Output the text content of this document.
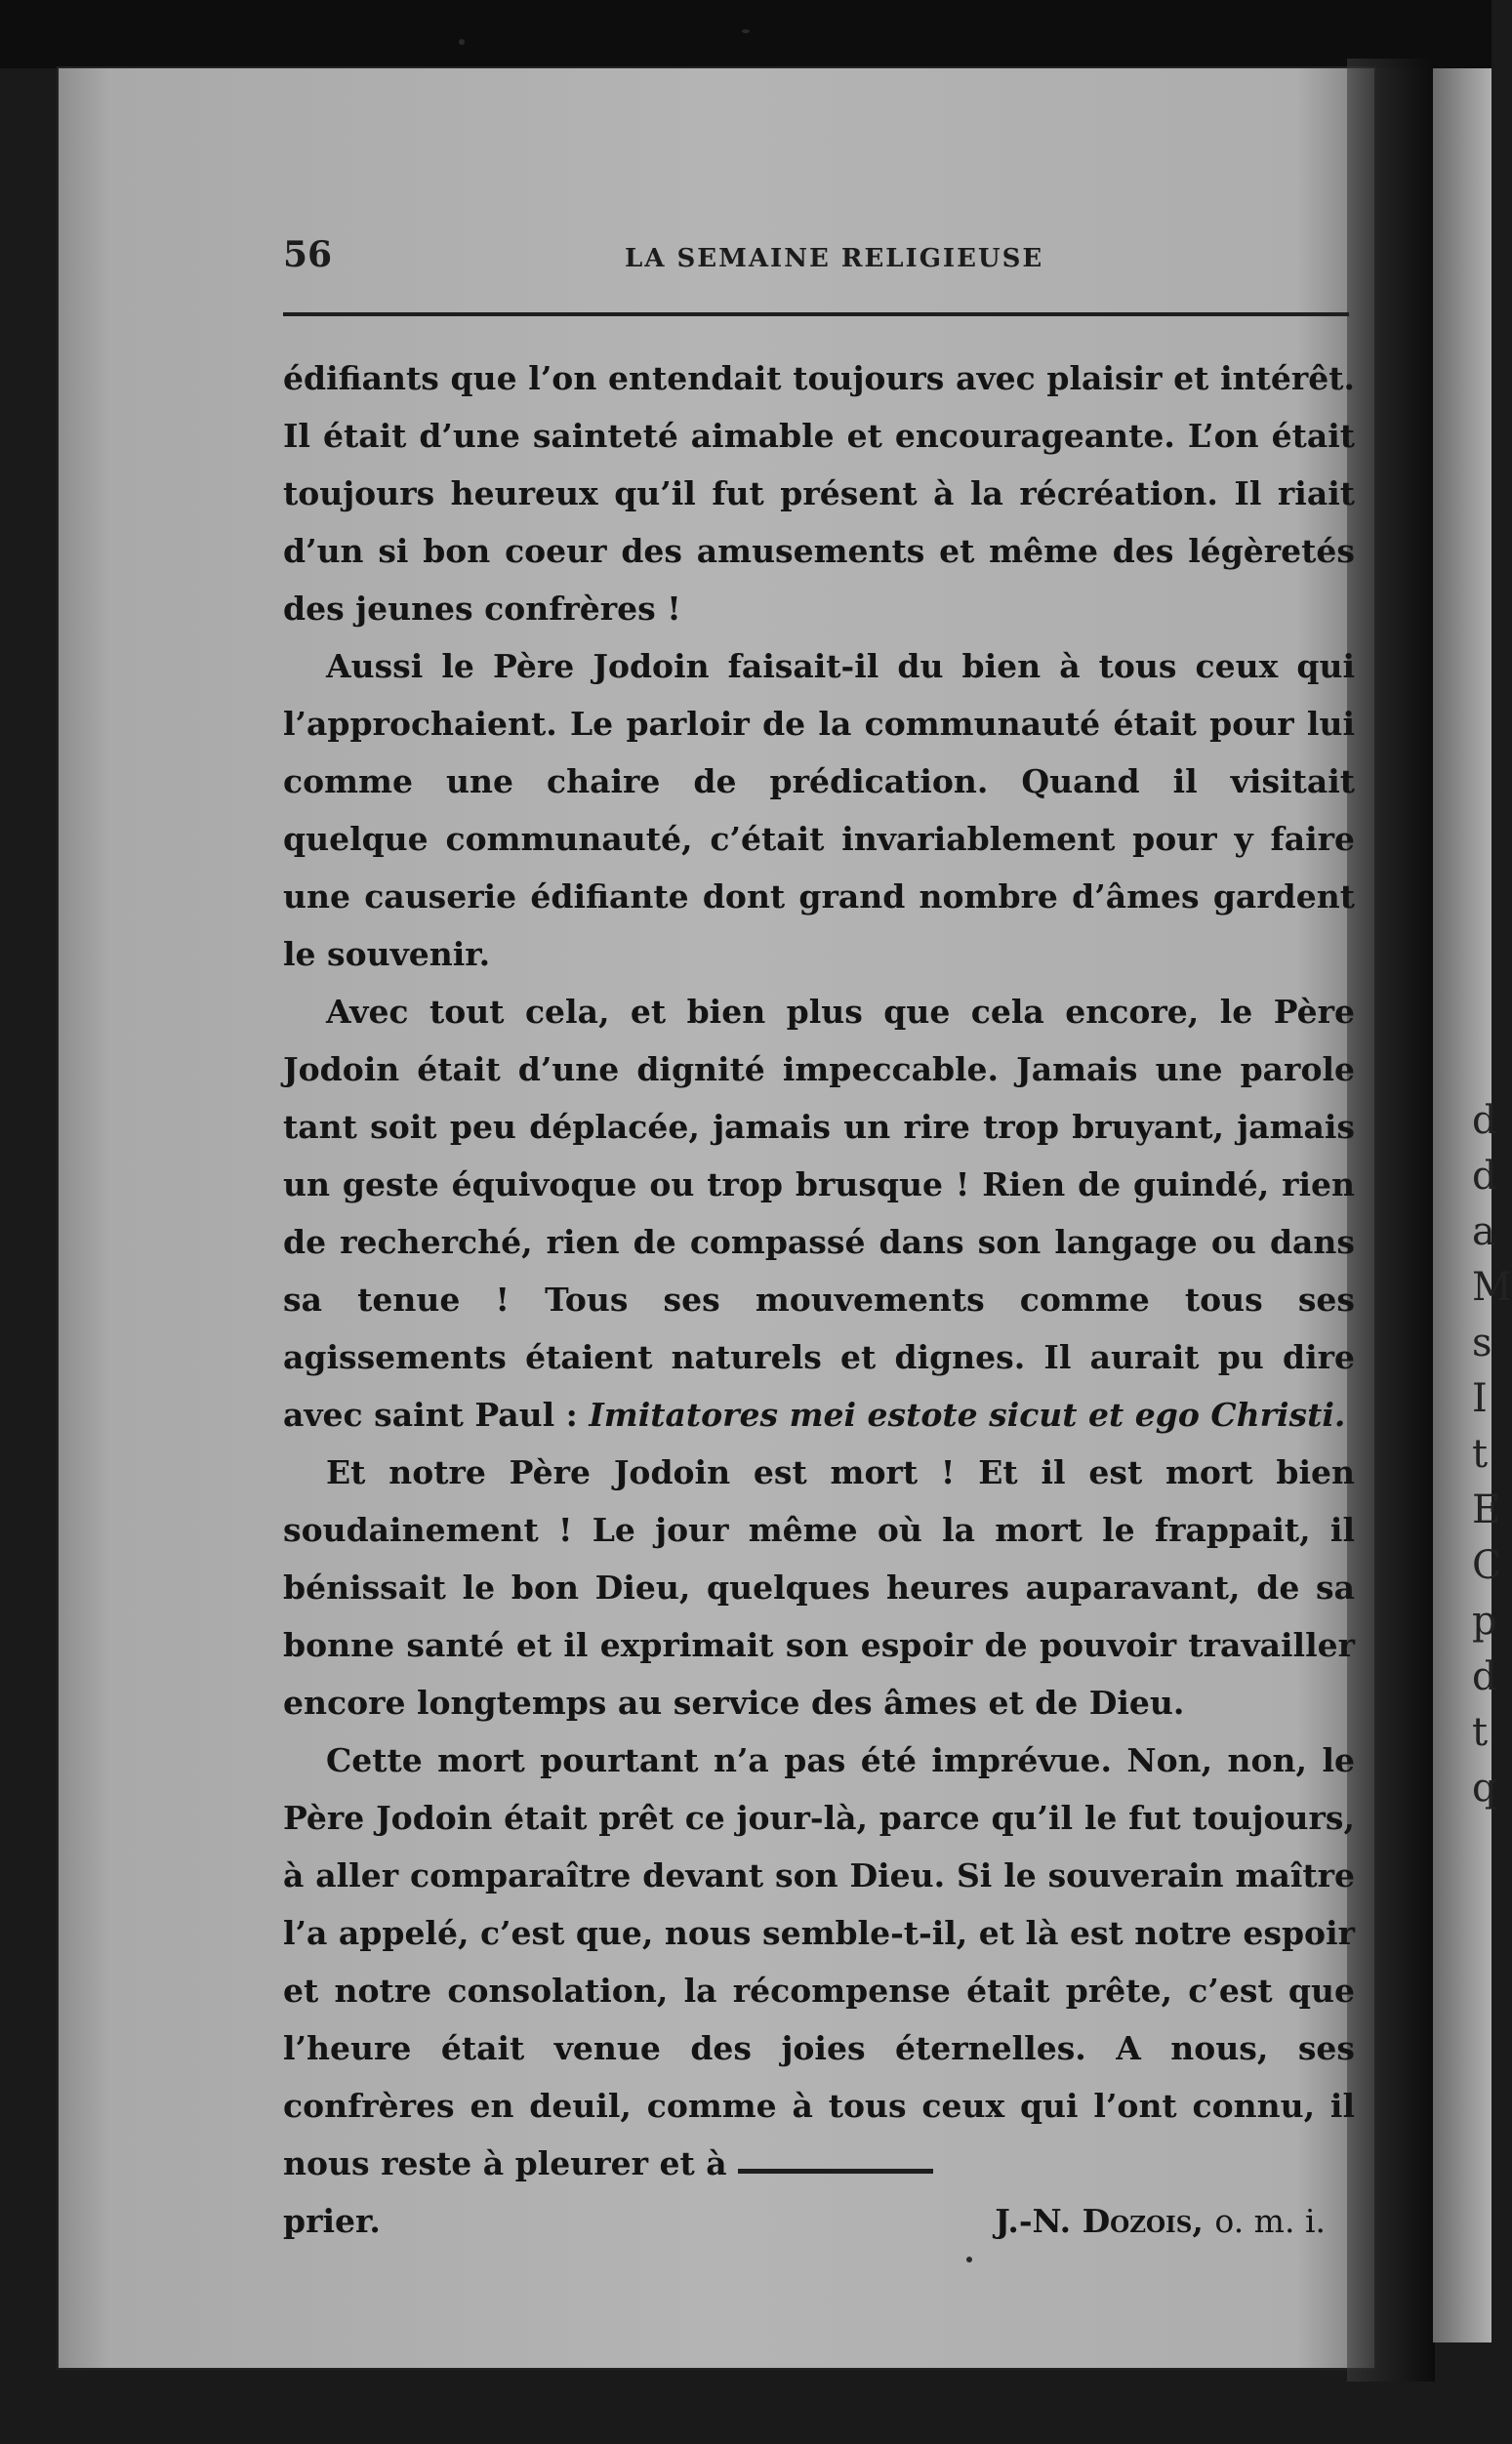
d
d
a
M
s
I
t
E
C
p
d
t
q
56	LA SEMAINE RELIGIEUSE

édifiants que l’on entendait toujours avec plaisir et intérêt. Il était d’une sainteté aimable et encourageante. L’on était toujours heureux qu’il fut présent à la récréation. Il riait d’un si bon coeur des amusements et même des légèretés des jeunes confrères !

Aussi le Père Jodoin faisait-il du bien à tous ceux qui l’approchaient. Le parloir de la communauté était pour lui comme une chaire de prédication. Quand il visitait quelque communauté, c’était invariablement pour y faire une causerie édifiante dont grand nombre d’âmes gardent le souvenir.

Avec tout cela, et bien plus que cela encore, le Père Jodoin était d’une dignité impeccable. Jamais une parole tant soit peu déplacée, jamais un rire trop bruyant, jamais un geste équivoque ou trop brusque ! Rien de guindé, rien de recherché, rien de compassé dans son langage ou dans sa tenue ! Tous ses mouvements comme tous ses agissements étaient naturels et dignes. Il aurait pu dire avec saint Paul : Imitatores mei estote sicut et ego Christi.

Et notre Père Jodoin est mort ! Et il est mort bien soudainement ! Le jour même où la mort le frappait, il bénissait le bon Dieu, quelques heures auparavant, de sa bonne santé et il exprimait son espoir de pouvoir travailler encore longtemps au service des âmes et de Dieu.

Cette mort pourtant n’a pas été imprévue. Non, non, le Père Jodoin était prêt ce jour-là, parce qu’il le fut toujours, à aller comparaître devant son Dieu. Si le souverain maître l’a appelé, c’est que, nous semble-t-il, et là est notre espoir et notre consolation, la récompense était prête, c’est que l’heure était venue des joies éternelles. A nous, ses confrères en deuil, comme à tous ceux qui l’ont connu, il nous reste à pleurer et à

prier.	J.-N. Dozois, o. m. i.
